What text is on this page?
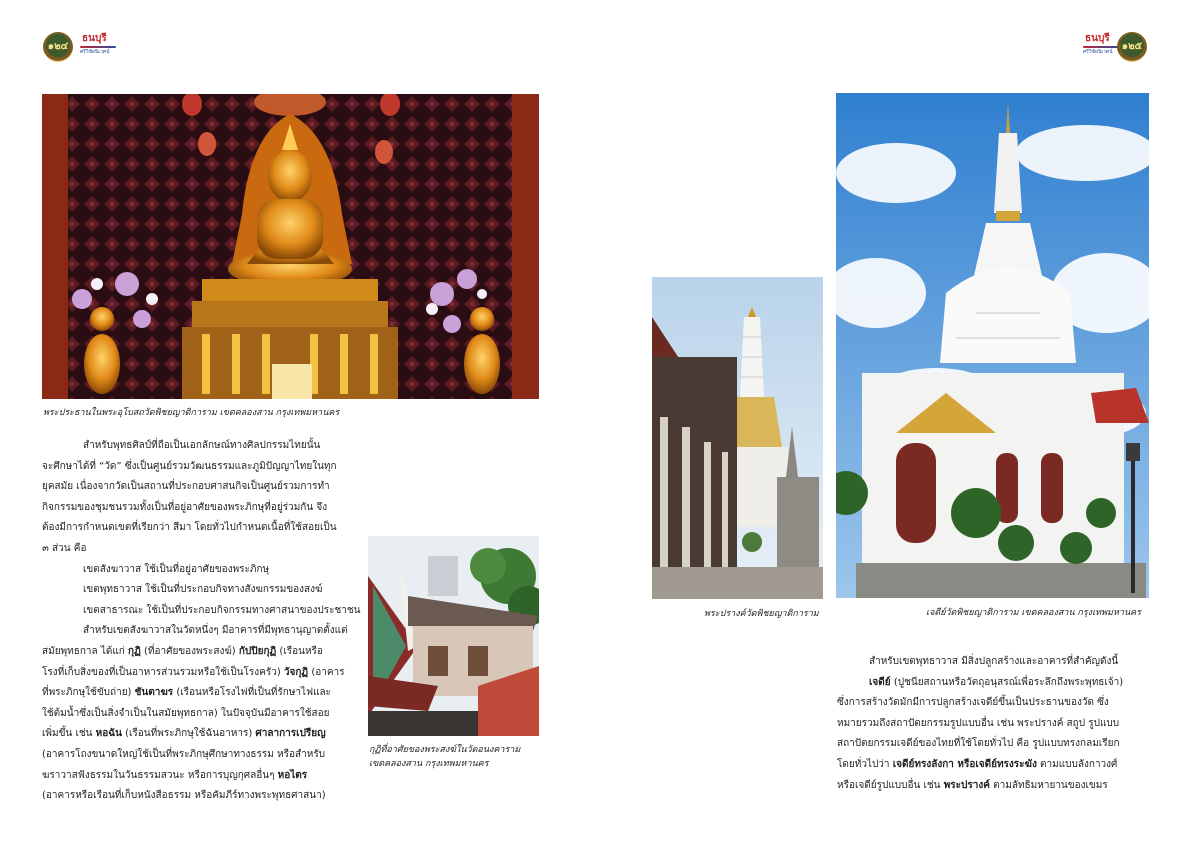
๑๒๔
ธนบุรี
ศรีวิชัยนิเวศน์
ธนบุรี
ศรีวิชัยนิเวศน์ ๑๒๕
พระประธานในพระอุโบสถวัดพิชยญาติการาม เขตคลองสาน กรุงเทพมหานคร
สำหรับพุทธศิลป์ที่ถือเป็นเอกลักษณ์ทางศิลปกรรมไทยนั้น
จะศึกษาได้ที่ “วัด” ซึ่งเป็นศูนย์รวมวัฒนธรรมและภูมิปัญญาไทยในทุก
ยุคสมัย เนื่องจากวัดเป็นสถานที่ประกอบศาสนกิจเป็นศูนย์รวมการทำ
กิจกรรมของชุมชนรวมทั้งเป็นที่อยู่อาศัยของพระภิกษุที่อยู่ร่วมกัน จึง
ต้องมีการกำหนดเขตที่เรียกว่า สีมา โดยทั่วไปกำหนดเนื้อที่ใช้สอยเป็น
๓ ส่วน คือ
เขตสังฆาวาส ใช้เป็นที่อยู่อาศัยของพระภิกษุ
เขตพุทธาวาส ใช้เป็นที่ประกอบกิจทางสังฆกรรมของสงฆ์
เขตสาธารณะ ใช้เป็นที่ประกอบกิจกรรมทางศาสนาของประชาชน
สำหรับเขตสังฆาวาสในวัดหนึ่งๆ มีอาคารที่มีพุทธานุญาตตั้งแต่
สมัยพุทธกาล ได้แก่ กุฏิ (ที่อาศัยของพระสงฆ์) กัปปิยกุฏิ (เรือนหรือ
โรงที่เก็บสิ่งของที่เป็นอาหารส่วนรวมหรือใช้เป็นโรงครัว) วัจกุฏิ (อาคาร
ที่พระภิกษุใช้ขับถ่าย) ชันตาฆร (เรือนหรือโรงไฟที่เป็นที่รักษาไฟและ
ใช้ต้มน้ำซึ่งเป็นสิ่งจำเป็นในสมัยพุทธกาล) ในปัจจุบันมีอาคารใช้สอย
เพิ่มขึ้น เช่น หอฉัน (เรือนที่พระภิกษุใช้ฉันอาหาร) ศาลาการเปรียญ
(อาคารโถงขนาดใหญ่ใช้เป็นที่พระภิกษุศึกษาทางธรรม หรือสำหรับ
ฆราวาสฟังธรรมในวันธรรมสวนะ หรือการบุญกุศลอื่นๆ หอไตร
(อาคารหรือเรือนที่เก็บหนังสือธรรม หรือคัมภีร์ทางพระพุทธศาสนา)
กุฏิที่อาศัยของพระสงฆ์ในวัดอนงคาราม
เขตคลองสาน กรุงเทพมหานคร
พระปรางค์วัดพิชยญาติการาม	เจดีย์วัดพิชยญาติการาม เขตคลองสาน กรุงเทพมหานคร
สำหรับเขตพุทธาวาส มีสิ่งปลูกสร้างและอาคารที่สำคัญดังนี้
เจดีย์ (ปูชนียสถานหรือวัตถุอนุสรณ์เพื่อระลึกถึงพระพุทธเจ้า)
ซึ่งการสร้างวัดมักมีการปลูกสร้างเจดีย์ขึ้นเป็นประธานของวัด ซึ่ง
หมายรวมถึงสถาปัตยกรรมรูปแบบอื่น เช่น พระปรางค์ สถูป รูปแบบ
สถาปัตยกรรมเจดีย์ของไทยที่ใช้โดยทั่วไป คือ รูปแบบทรงกลมเรียก
โดยทั่วไปว่า เจดีย์ทรงลังกา หรือเจดีย์ทรงระฆัง ตามแบบลังกาวงศ์
หรือเจดีย์รูปแบบอื่น เช่น พระปรางค์ ตามลัทธิมหายานของเขมร
